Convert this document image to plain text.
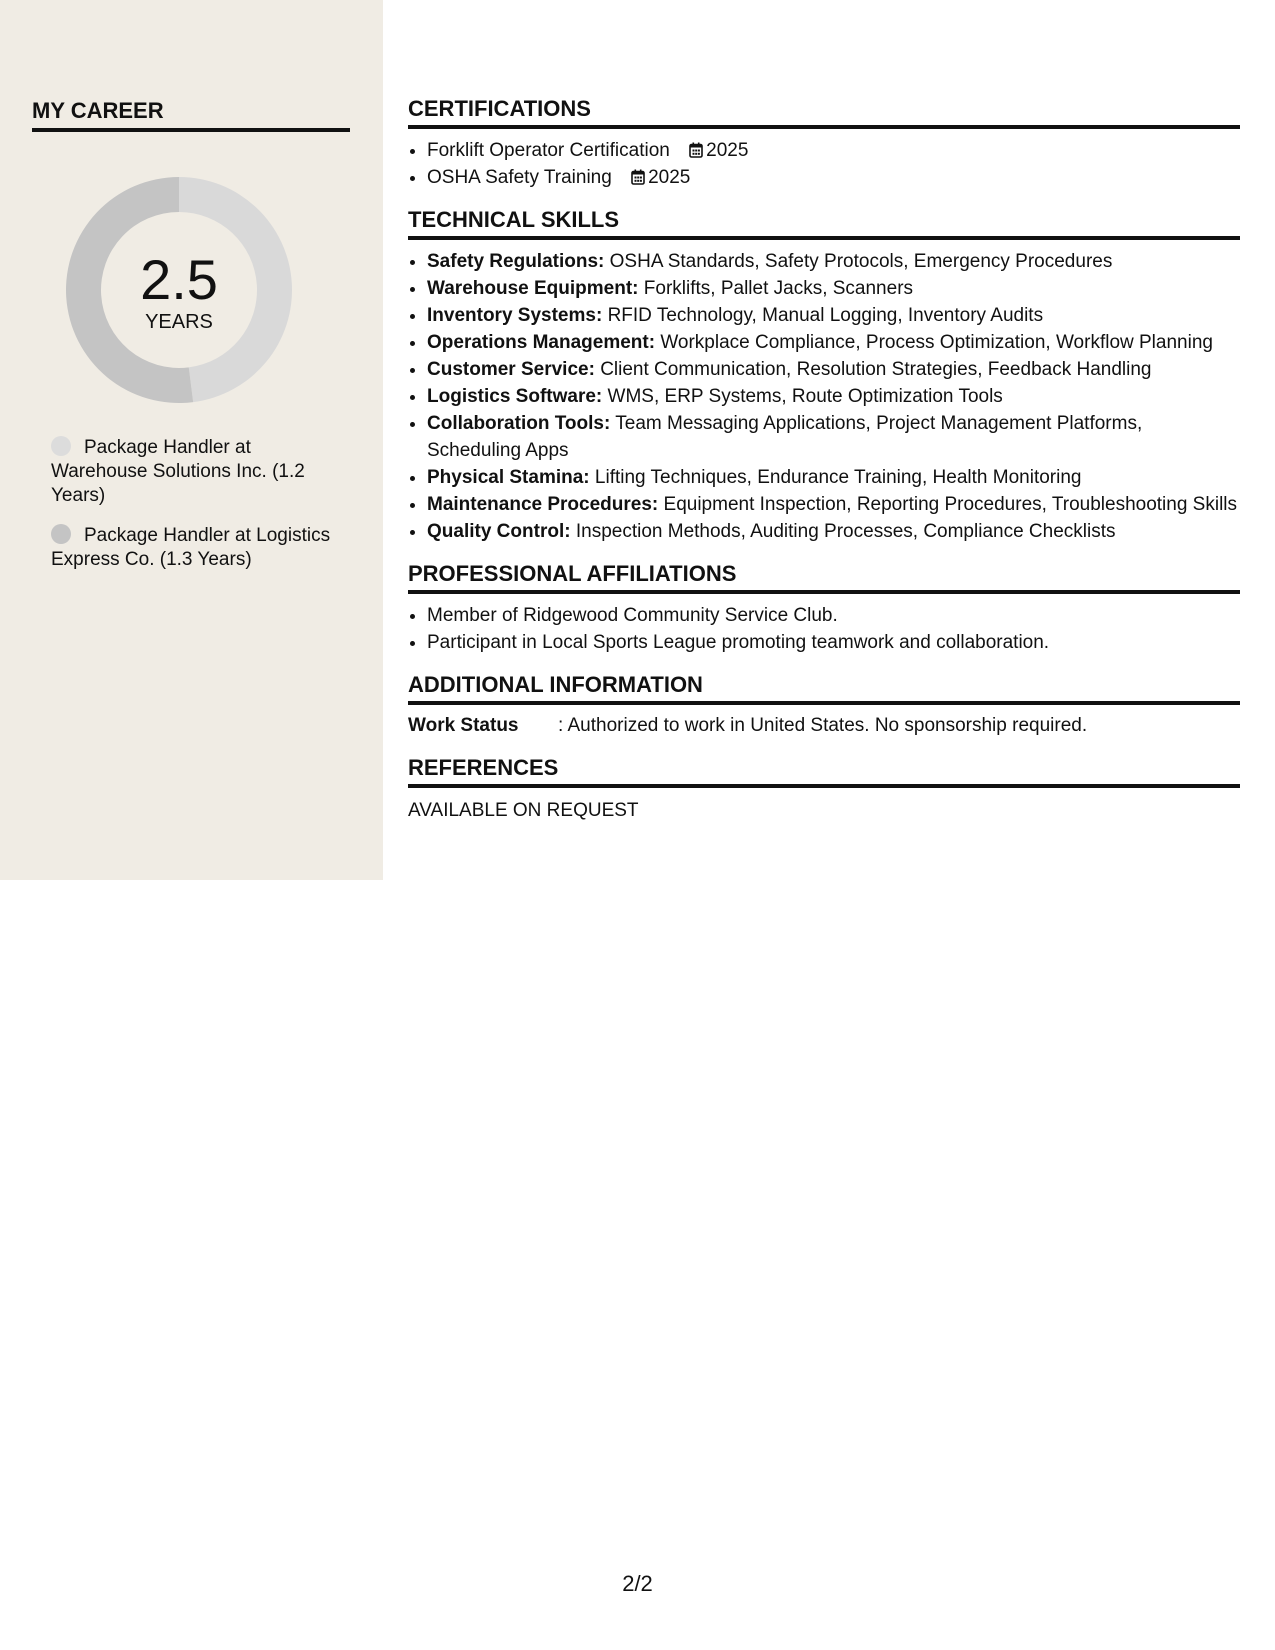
MY CAREER
2.5
YEARS
Package Handler at Warehouse Solutions Inc. (1.2 Years)
Package Handler at Logistics Express Co. (1.3 Years)
CERTIFICATIONS
• Forklift Operator Certification 2025
• OSHA Safety Training 2025
TECHNICAL SKILLS
• Safety Regulations: OSHA Standards, Safety Protocols, Emergency Procedures
• Warehouse Equipment: Forklifts, Pallet Jacks, Scanners
• Inventory Systems: RFID Technology, Manual Logging, Inventory Audits
• Operations Management: Workplace Compliance, Process Optimization, Workflow Planning
• Customer Service: Client Communication, Resolution Strategies, Feedback Handling
• Logistics Software: WMS, ERP Systems, Route Optimization Tools
• Collaboration Tools: Team Messaging Applications, Project Management Platforms, Scheduling Apps
• Physical Stamina: Lifting Techniques, Endurance Training, Health Monitoring
• Maintenance Procedures: Equipment Inspection, Reporting Procedures, Troubleshooting Skills
• Quality Control: Inspection Methods, Auditing Processes, Compliance Checklists
PROFESSIONAL AFFILIATIONS
• Member of Ridgewood Community Service Club.
• Participant in Local Sports League promoting teamwork and collaboration.
ADDITIONAL INFORMATION
Work Status : Authorized to work in United States. No sponsorship required.
REFERENCES

AVAILABLE ON REQUEST

2/2
